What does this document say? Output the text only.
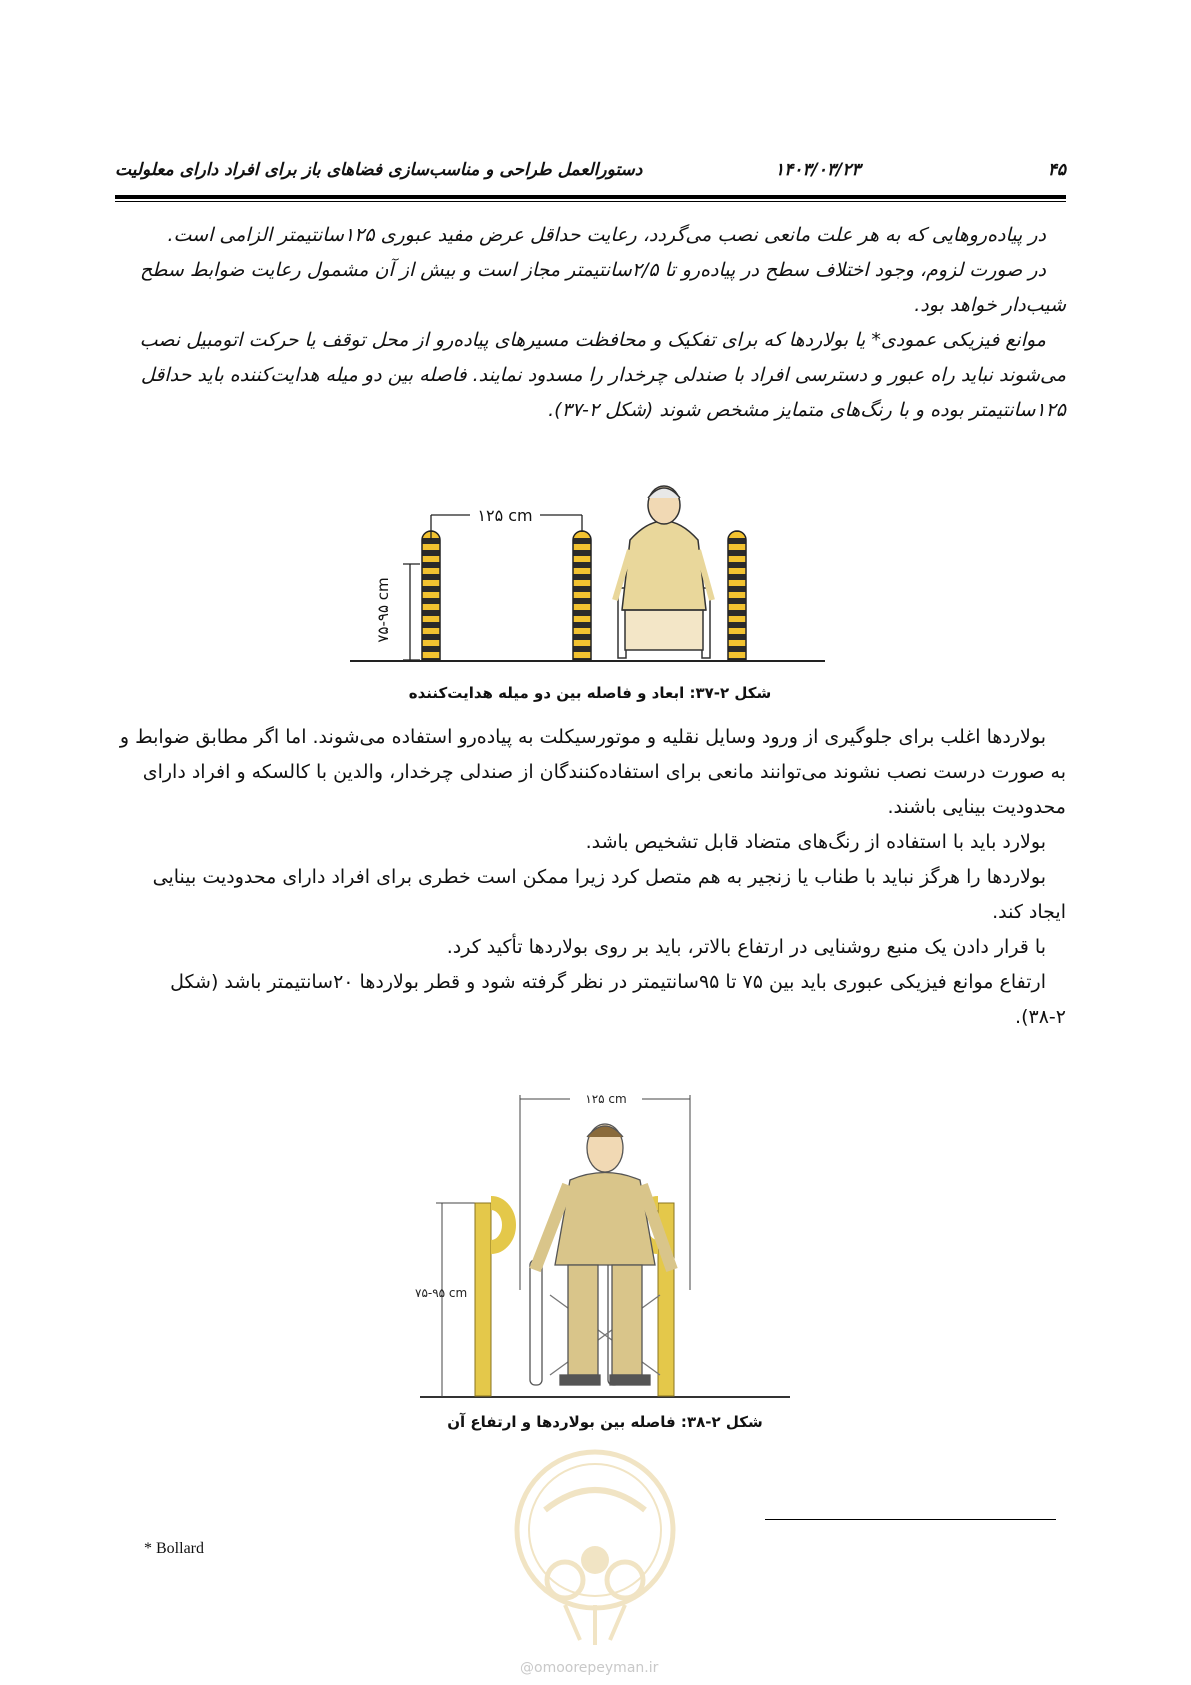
۴۵
۱۴۰۳/۰۳/۲۳
دستورالعمل طراحی و مناسب‌سازی فضاهای باز برای افراد دارای معلولیت

در پیاده‌روهایی که به هر علت مانعی نصب می‌گردد، رعایت حداقل عرض مفید عبوری ۱۲۵سانتیمتر الزامی است.

در صورت لزوم، وجود اختلاف سطح در پیاده‌رو تا ۲/۵سانتیمتر مجاز است و بیش از آن مشمول رعایت ضوابط سطح شیب‌دار خواهد بود.

موانع فیزیکی عمودی* یا بولاردها که برای تفکیک و محافظت مسیرهای پیاده‌رو از محل توقف یا حرکت اتومبیل نصب می‌شوند نباید راه عبور و دسترسی افراد با صندلی چرخدار را مسدود نمایند. فاصله بین دو میله هدایت‌کننده باید حداقل ۱۲۵سانتیمتر بوده و با رنگ‌های متمایز مشخص شوند (شکل ۲-۳۷).

۱۲۵ cm
۷۵-۹۵ cm
شکل ۲-۳۷: ابعاد و فاصله بین دو میله هدایت‌کننده

بولاردها اغلب برای جلوگیری از ورود وسایل نقلیه و موتورسیکلت به پیاده‌رو استفاده می‌شوند. اما اگر مطابق ضوابط و به صورت درست نصب نشوند می‌توانند مانعی برای استفاده‌کنندگان از صندلی چرخدار، والدین با کالسکه و افراد دارای محدودیت بینایی باشند.

بولارد باید با استفاده از رنگ‌های متضاد قابل تشخیص باشد.

بولاردها را هرگز نباید با طناب یا زنجیر به هم متصل کرد زیرا ممکن است خطری برای افراد دارای محدودیت بینایی ایجاد کند.

با قرار دادن یک منبع روشنایی در ارتفاع بالاتر، باید بر روی بولاردها تأکید کرد.

ارتفاع موانع فیزیکی عبوری باید بین ۷۵ تا ۹۵سانتیمتر در نظر گرفته شود و قطر بولاردها ۲۰سانتیمتر باشد (شکل ۲-۳۸).

۱۲۵ cm
۷۵-۹۵ cm
شکل ۲-۳۸: فاصله بین بولاردها و ارتفاع آن
* Bollard
@omoorepeyman.ir
